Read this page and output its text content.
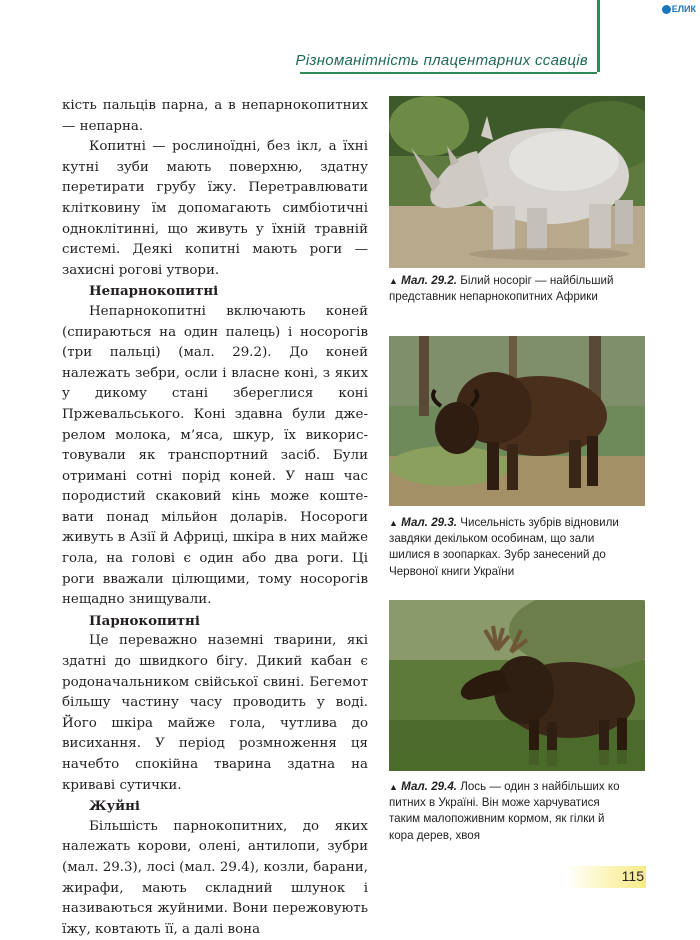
ЕЛИК
Різноманітність плацентарних ссавців

кість пальців парна, а в непарнокопитних — непарна.

Копитні — рослиноїдні, без ікл, а їхні кутні зуби мають поверхню, здатну перетирати грубу їжу. Перетравлювати клітковину їм допомагають симбіотичні одноклітинні, що живуть у їхній травній системі. Деякі копитні мають роги — захисні рогові утвори.

Непарнокопитні

Непарнокопитні включають коней (спираються на один палець) і носорогів (три пальці) (мал. 29.2). До коней належать зебри, осли і власне коні, з яких у дикому стані збереглися коні Пржевальського. Коні здавна були джерелом молока, м’яса, шкур, їх використовували як транспортний засіб. Були отримані сотні порід коней. У наш час породистий скаковий кінь може коштевати понад мільйон доларів. Носороги живуть в Азії й Африці, шкіра в них майже гола, на голові є один або два роги. Ці роги вважали цілющими, тому носорогів нещадно знищували.

Парнокопитні

Це переважно наземні тварини, які здатні до швидкого бігу. Дикий кабан є родоначальником свійської свині. Бегемот більшу частину часу проводить у воді. Його шкіра майже гола, чутлива до висихання. У період розмноження ця начебто спокійна тварина здатна на криваві сутички.

Жуйні

Більшість парнокопитних, до яких належать корови, олені, антилопи, зубри (мал. 29.3), лосі (мал. 29.4), козли, барани, жирафи, мають складний шлунок і називаються жуйними. Вони пережовують їжу, ковтають її, а далі вона

▲ Мал. 29.2. Білий носоріг — найбільший
представник непарнокопитних Африки
▲ Мал. 29.3. Чисельність зубрів відновили
завдяки декільком особинам, що зали
шилися в зоопарках. Зубр занесений до
Червоної книги України
▲ Мал. 29.4. Лось — один з найбільших ко
питних в Україні. Він може харчуватися
таким малопоживним кормом, як гілки й
кора дерев, хвоя
115
